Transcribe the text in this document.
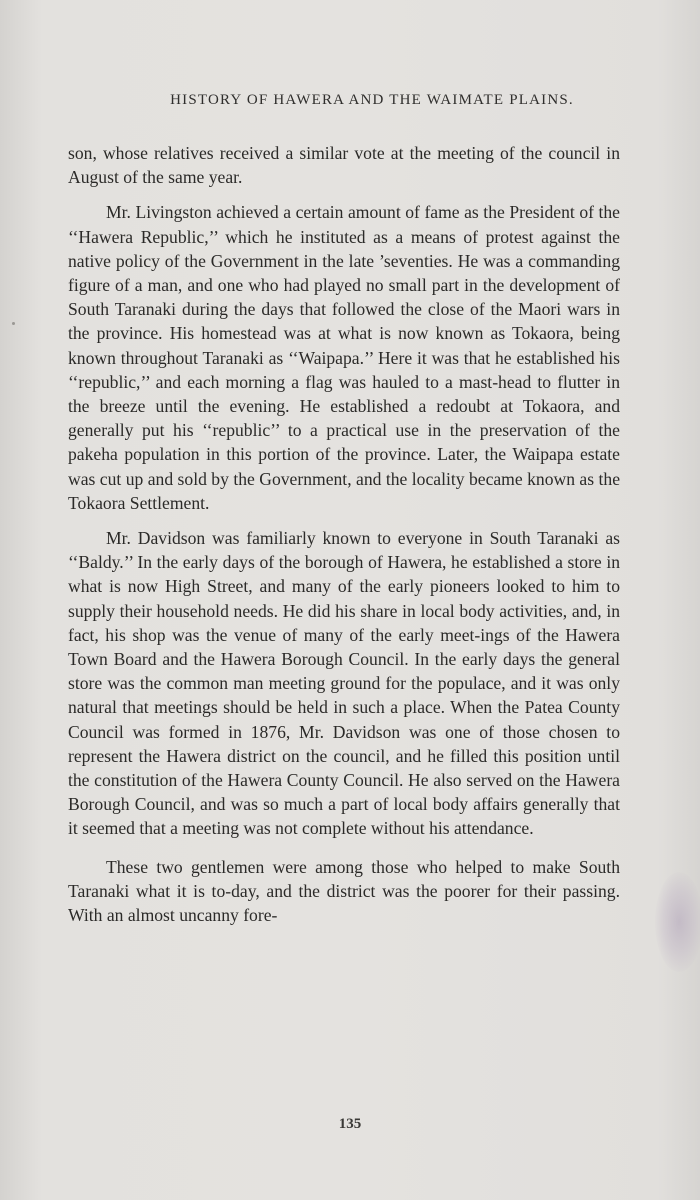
HISTORY OF HAWERA AND THE WAIMATE PLAINS.

son, whose relatives received a similar vote at the meeting of the council in August of the same year.

Mr. Livingston achieved a certain amount of fame as the President of the ‘‘Hawera Republic,’’ which he instituted as a means of protest against the native policy of the Government in the late ’seventies. He was a commanding figure of a man, and one who had played no small part in the development of South Taranaki during the days that followed the close of the Maori wars in the province. His homestead was at what is now known as Tokaora, being known throughout Taranaki as ‘‘Waipapa.’’ Here it was that he established his ‘‘republic,’’ and each morning a flag was hauled to a mast-head to flutter in the breeze until the evening. He established a redoubt at Tokaora, and generally put his ‘‘republic’’ to a practical use in the preservation of the pakeha population in this portion of the province. Later, the Waipapa estate was cut up and sold by the Government, and the locality became known as the Tokaora Settlement.

Mr. Davidson was familiarly known to everyone in South Taranaki as ‘‘Baldy.’’ In the early days of the borough of Hawera, he established a store in what is now High Street, and many of the early pioneers looked to him to supply their household needs. He did his share in local body activities, and, in fact, his shop was the venue of many of the early meet-ings of the Hawera Town Board and the Hawera Borough Council. In the early days the general store was the common man meeting ground for the populace, and it was only natural that meetings should be held in such a place. When the Patea County Council was formed in 1876, Mr. Davidson was one of those chosen to represent the Hawera district on the council, and he filled this position until the constitution of the Hawera County Council. He also served on the Hawera Borough Council, and was so much a part of local body affairs generally that it seemed that a meeting was not complete without his attendance.

These two gentlemen were among those who helped to make South Taranaki what it is to-day, and the district was the poorer for their passing. With an almost uncanny fore-

135
